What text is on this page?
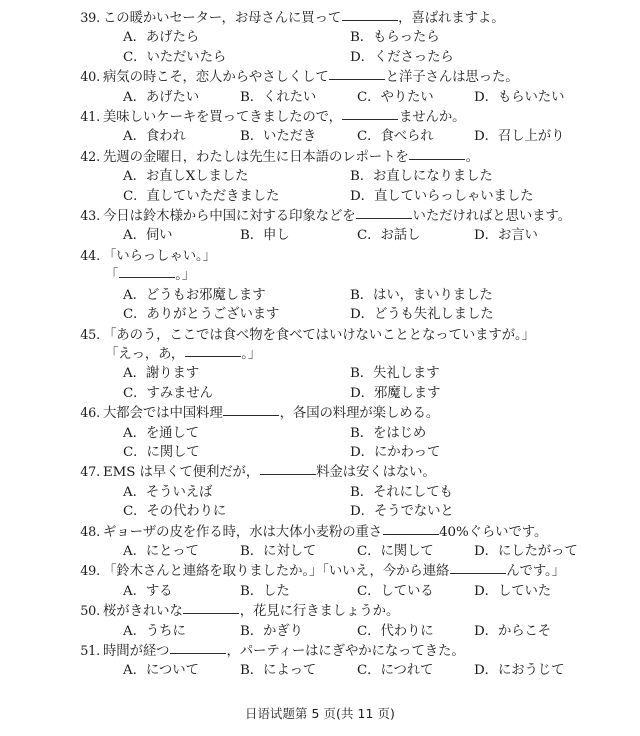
39. この暖かいセーター，お母さんに買って	，喜ばれますよ。
A．あげたら	B．もらったら
C．いただいたら	D．くださったら
40. 病気の時こそ，恋人からやさしくして	と洋子さんは思った。
A．あげたい	B．くれたい	C．やりたい	D．もらいたい
41. 美味しいケーキを買ってきましたので，	ませんか。
A．食われ	B．いただき	C．食べられ	D．召し上がり
42. 先週の金曜日，わたしは先生に日本語のレポートを	。
A．お直しXしました	B．お直しになりました
C．直していただきました	D．直していらっしゃいました
43. 今日は鈴木様から中国に対する印象などを	いただければと思います。
A．伺い	B．申し	C．お話し	D．お言い
44. 「いらっしゃい。」
「	。」
A．どうもお邪魔します	B．はい，まいりました
C．ありがとうございます	D．どうも失礼しました
45. 「あのう，ここでは食べ物を食べてはいけないこととなっていますが。」
「えっ，あ，	。」
A．謝ります	B．失礼します
C．すみません	D．邪魔します
46. 大都会では中国料理	，各国の料理が楽しめる。
A．を通して	B．をはじめ
C．に関して	D．にかわって
47. EMS は早くて便利だが，	料金は安くはない。
A．そういえば	B．それにしても
C．その代わりに	D．そうでないと
48. ギョーザの皮を作る時，水は大体小麦粉の重さ	40%ぐらいです。
A．にとって	B．に対して	C．に関して	D．にしたがって
49. 「鈴木さんと連絡を取りましたか。」「いいえ，今から連絡	んです。」
A．する	B．した	C．している	D．していた
50. 桜がきれいな	，花見に行きましょうか。
A．うちに	B．かぎり	C．代わりに	D．からこそ
51. 時間が経つ	，パーティーはにぎやかになってきた。
A．について	B．によって	C．につれて	D．におうじて
日语试题第 5 页(共 11 页)
